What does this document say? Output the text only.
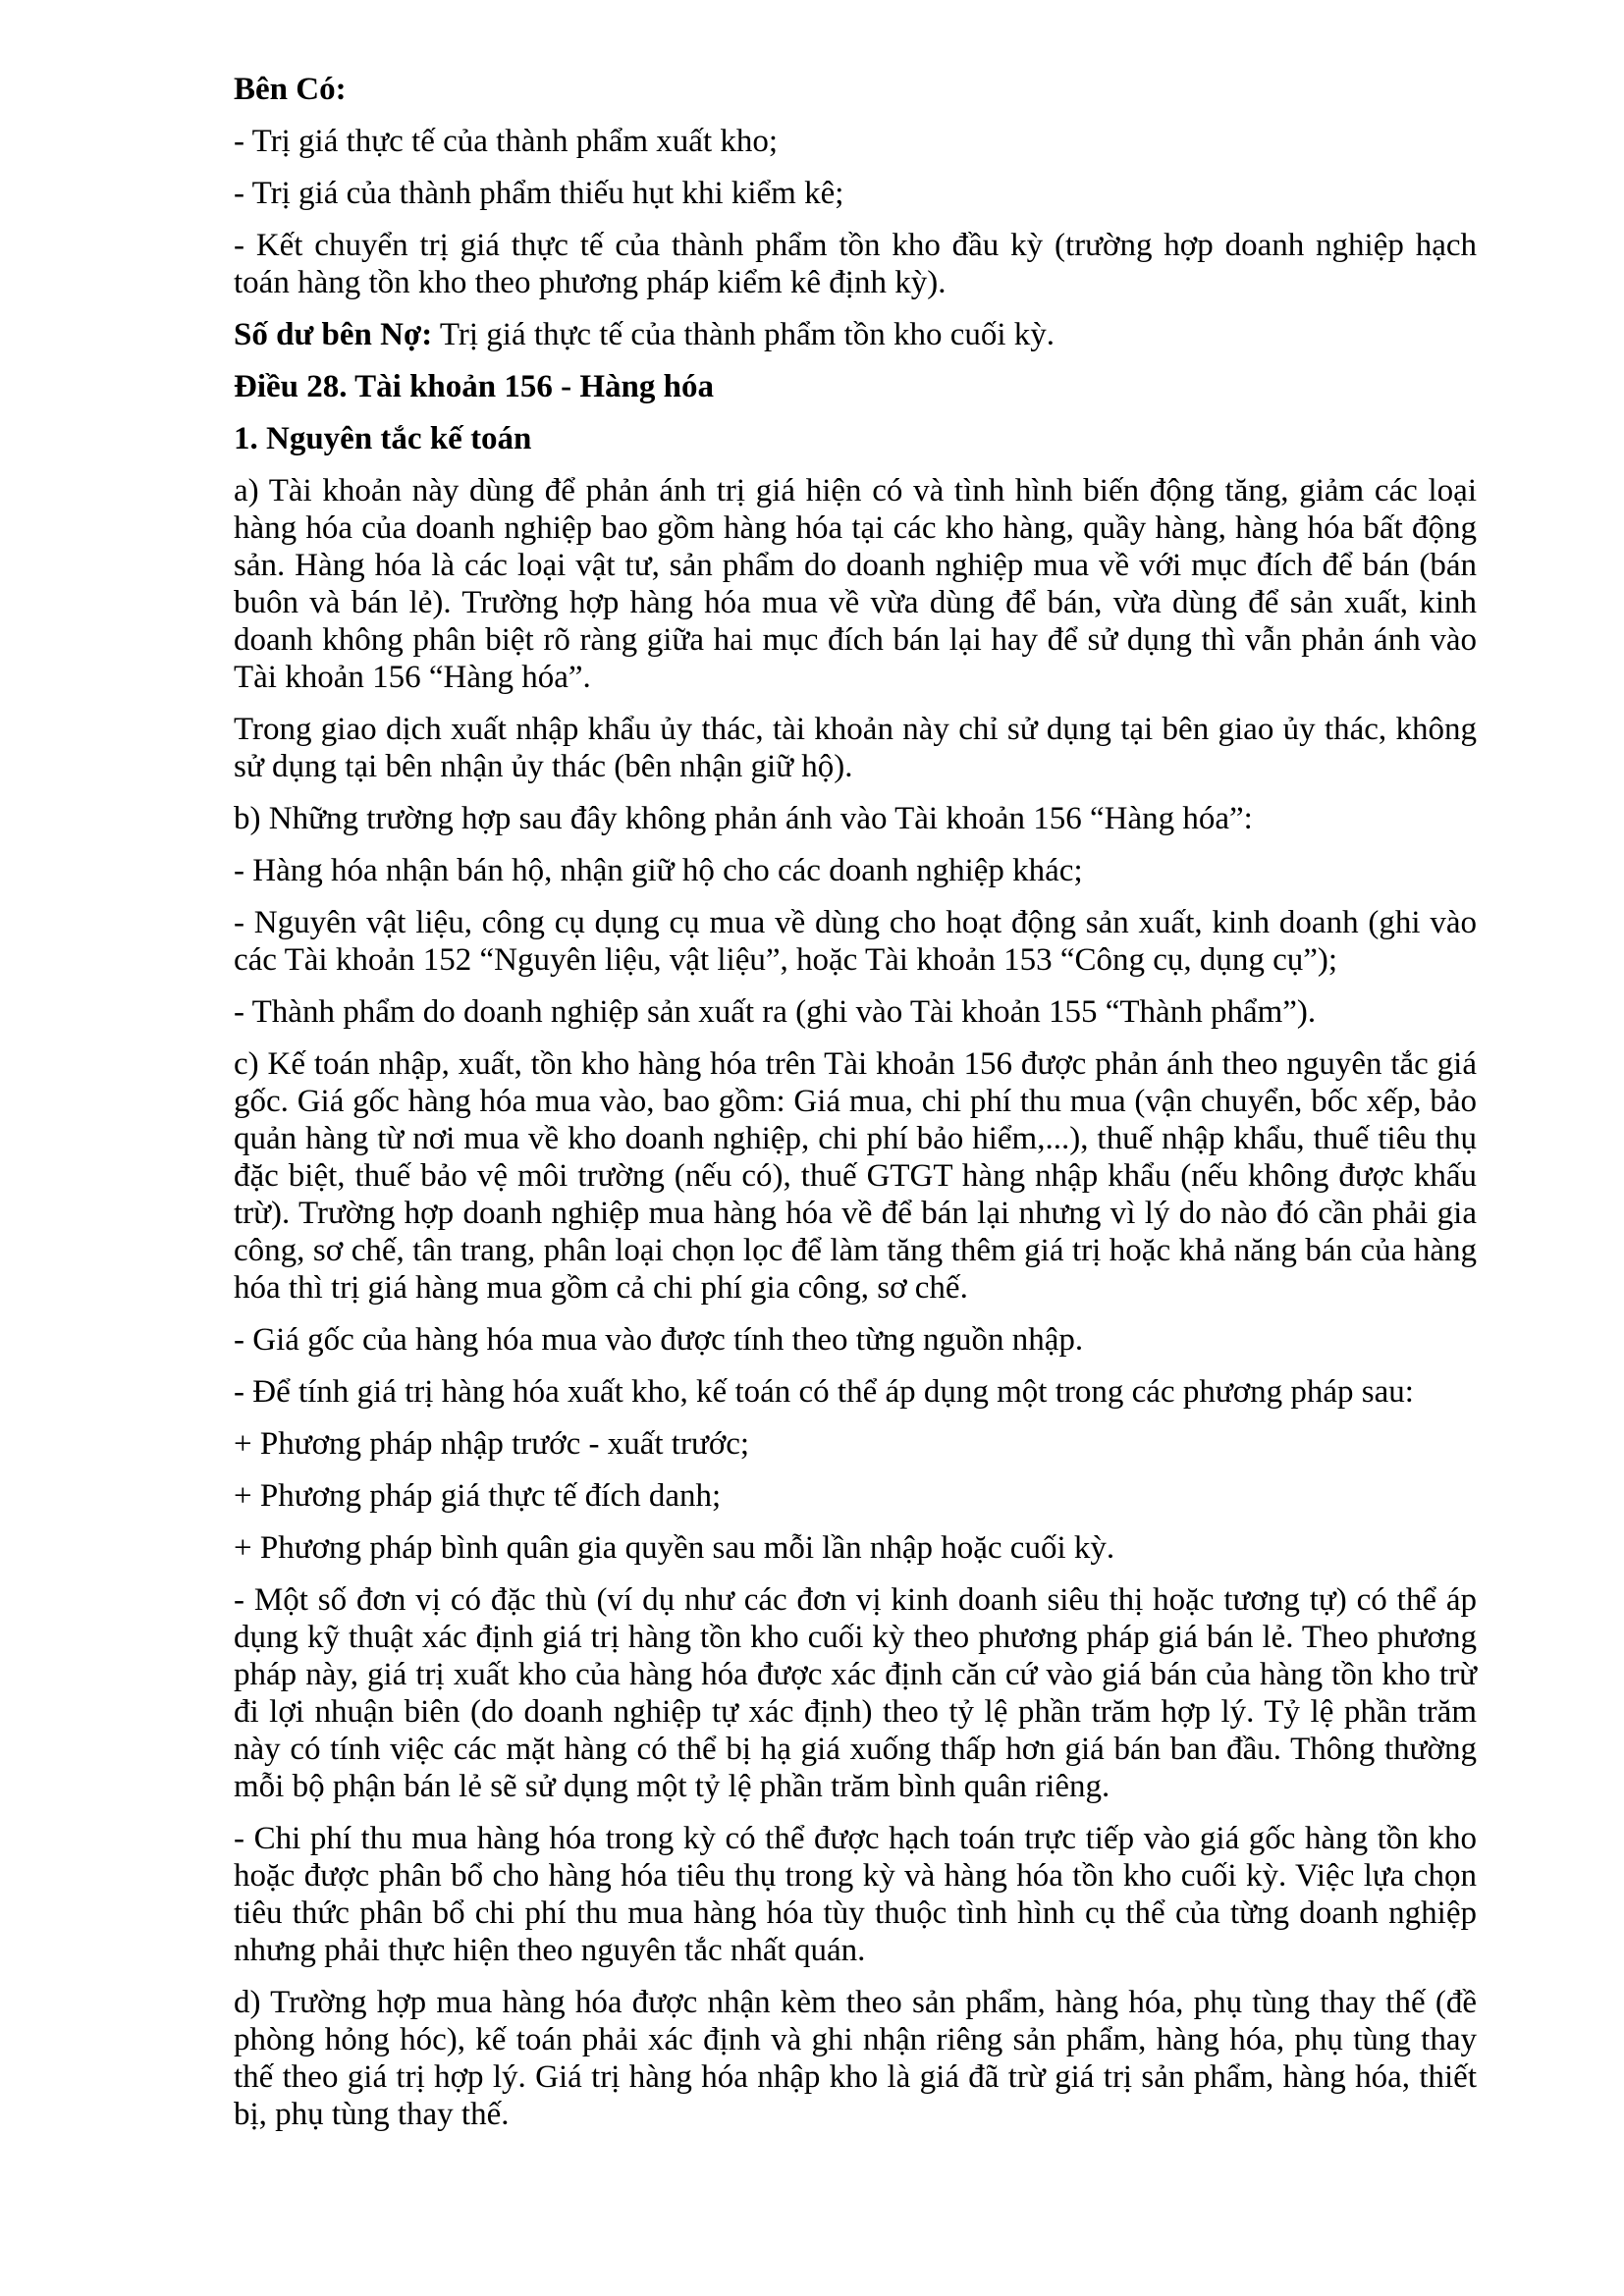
Bên Có:

- Trị giá thực tế của thành phẩm xuất kho;

- Trị giá của thành phẩm thiếu hụt khi kiểm kê;

- Kết chuyển trị giá thực tế của thành phẩm tồn kho đầu kỳ (trường hợp doanh nghiệp hạch toán hàng tồn kho theo phương pháp kiểm kê định kỳ).

Số dư bên Nợ: Trị giá thực tế của thành phẩm tồn kho cuối kỳ.

Điều 28. Tài khoản 156 - Hàng hóa

1. Nguyên tắc kế toán

a) Tài khoản này dùng để phản ánh trị giá hiện có và tình hình biến động tăng, giảm các loại hàng hóa của doanh nghiệp bao gồm hàng hóa tại các kho hàng, quầy hàng, hàng hóa bất động sản. Hàng hóa là các loại vật tư, sản phẩm do doanh nghiệp mua về với mục đích để bán (bán buôn và bán lẻ). Trường hợp hàng hóa mua về vừa dùng để bán, vừa dùng để sản xuất, kinh doanh không phân biệt rõ ràng giữa hai mục đích bán lại hay để sử dụng thì vẫn phản ánh vào Tài khoản 156 “Hàng hóa”.

Trong giao dịch xuất nhập khẩu ủy thác, tài khoản này chỉ sử dụng tại bên giao ủy thác, không sử dụng tại bên nhận ủy thác (bên nhận giữ hộ).

b) Những trường hợp sau đây không phản ánh vào Tài khoản 156 “Hàng hóa”:

- Hàng hóa nhận bán hộ, nhận giữ hộ cho các doanh nghiệp khác;

- Nguyên vật liệu, công cụ dụng cụ mua về dùng cho hoạt động sản xuất, kinh doanh (ghi vào các Tài khoản 152 “Nguyên liệu, vật liệu”, hoặc Tài khoản 153 “Công cụ, dụng cụ”);

- Thành phẩm do doanh nghiệp sản xuất ra (ghi vào Tài khoản 155 “Thành phẩm”).

c) Kế toán nhập, xuất, tồn kho hàng hóa trên Tài khoản 156 được phản ánh theo nguyên tắc giá gốc. Giá gốc hàng hóa mua vào, bao gồm: Giá mua, chi phí thu mua (vận chuyển, bốc xếp, bảo quản hàng từ nơi mua về kho doanh nghiệp, chi phí bảo hiểm,...), thuế nhập khẩu, thuế tiêu thụ đặc biệt, thuế bảo vệ môi trường (nếu có), thuế GTGT hàng nhập khẩu (nếu không được khấu trừ). Trường hợp doanh nghiệp mua hàng hóa về để bán lại nhưng vì lý do nào đó cần phải gia công, sơ chế, tân trang, phân loại chọn lọc để làm tăng thêm giá trị hoặc khả năng bán của hàng hóa thì trị giá hàng mua gồm cả chi phí gia công, sơ chế.

- Giá gốc của hàng hóa mua vào được tính theo từng nguồn nhập.

- Để tính giá trị hàng hóa xuất kho, kế toán có thể áp dụng một trong các phương pháp sau:

+ Phương pháp nhập trước - xuất trước;

+ Phương pháp giá thực tế đích danh;

+ Phương pháp bình quân gia quyền sau mỗi lần nhập hoặc cuối kỳ.

- Một số đơn vị có đặc thù (ví dụ như các đơn vị kinh doanh siêu thị hoặc tương tự) có thể áp dụng kỹ thuật xác định giá trị hàng tồn kho cuối kỳ theo phương pháp giá bán lẻ. Theo phương pháp này, giá trị xuất kho của hàng hóa được xác định căn cứ vào giá bán của hàng tồn kho trừ đi lợi nhuận biên (do doanh nghiệp tự xác định) theo tỷ lệ phần trăm hợp lý. Tỷ lệ phần trăm này có tính việc các mặt hàng có thể bị hạ giá xuống thấp hơn giá bán ban đầu. Thông thường mỗi bộ phận bán lẻ sẽ sử dụng một tỷ lệ phần trăm bình quân riêng.

- Chi phí thu mua hàng hóa trong kỳ có thể được hạch toán trực tiếp vào giá gốc hàng tồn kho hoặc được phân bổ cho hàng hóa tiêu thụ trong kỳ và hàng hóa tồn kho cuối kỳ. Việc lựa chọn tiêu thức phân bổ chi phí thu mua hàng hóa tùy thuộc tình hình cụ thể của từng doanh nghiệp nhưng phải thực hiện theo nguyên tắc nhất quán.

d) Trường hợp mua hàng hóa được nhận kèm theo sản phẩm, hàng hóa, phụ tùng thay thế (đề phòng hỏng hóc), kế toán phải xác định và ghi nhận riêng sản phẩm, hàng hóa, phụ tùng thay thế theo giá trị hợp lý. Giá trị hàng hóa nhập kho là giá đã trừ giá trị sản phẩm, hàng hóa, thiết bị, phụ tùng thay thế.
